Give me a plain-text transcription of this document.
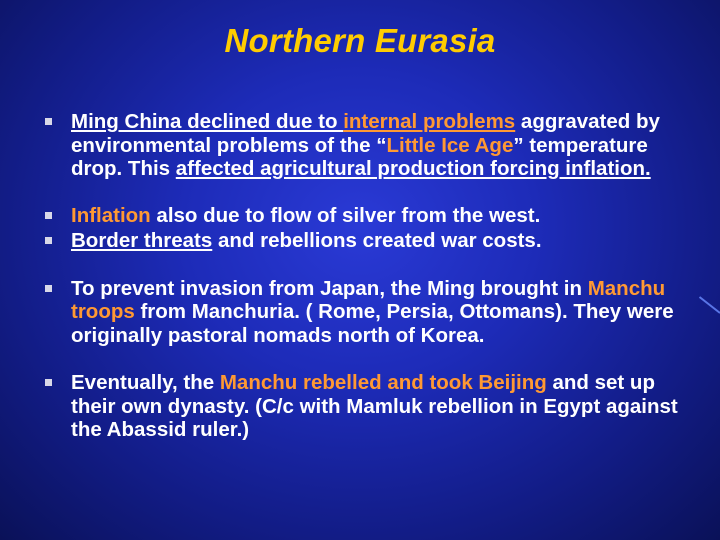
Northern Eurasia
Ming China declined due to internal problems aggravated by environmental problems of the “Little Ice Age” temperature drop. This affected agricultural production forcing inflation.
Inflation also due to flow of silver from the west.
Border threats and rebellions created war costs.
To prevent invasion from Japan, the Ming brought in Manchu troops from Manchuria. ( Rome, Persia, Ottomans). They were originally pastoral nomads north of Korea.
Eventually, the Manchu rebelled and took Beijing and set up their own dynasty. (C/c with Mamluk rebellion in Egypt against the Abassid ruler.)
